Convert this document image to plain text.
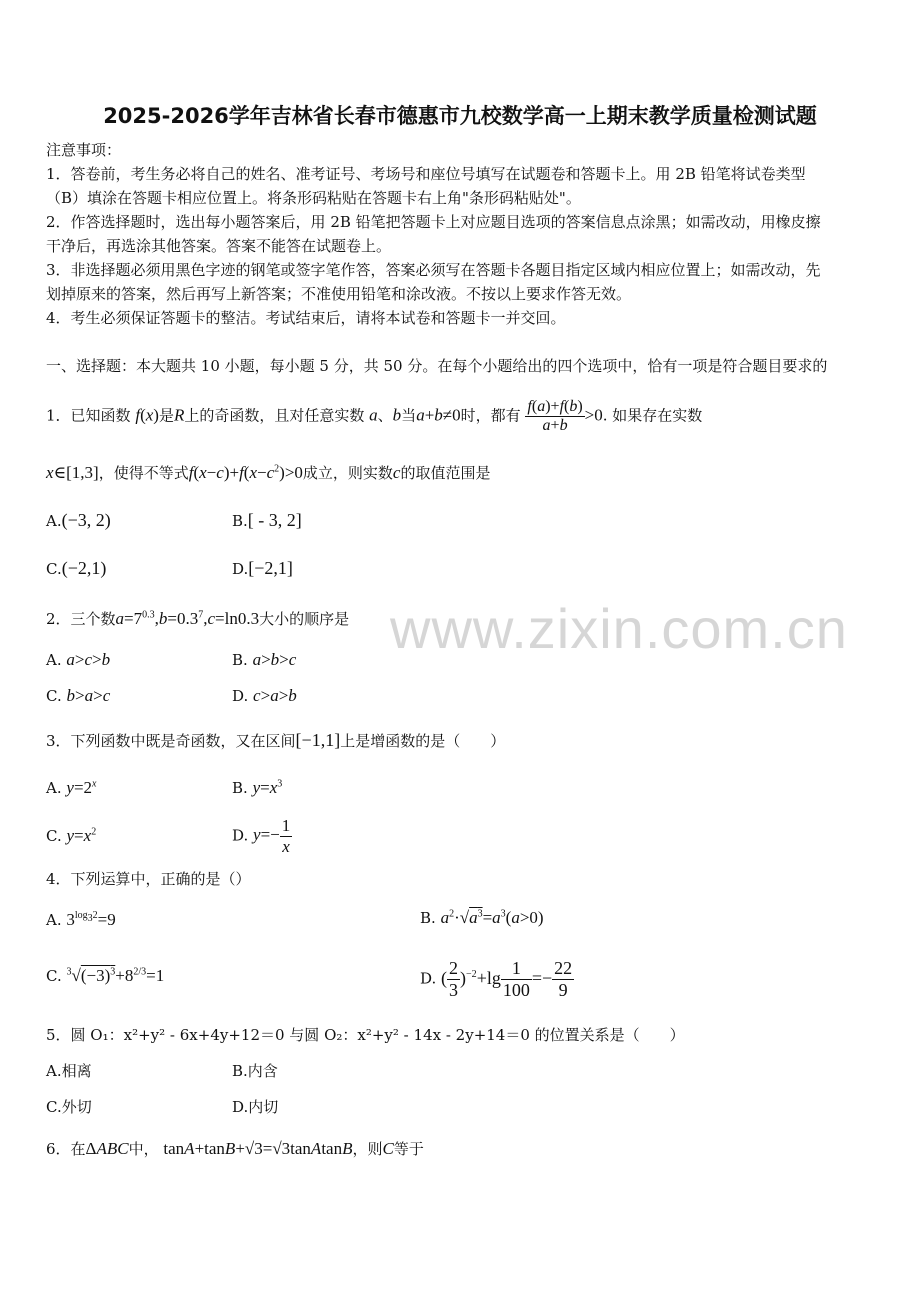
2025-2026学年吉林省长春市德惠市九校数学高一上期末教学质量检测试题
注意事项：
1．答卷前，考生务必将自己的姓名、准考证号、考场号和座位号填写在试题卷和答题卡上。用 2B 铅笔将试卷类型
（B）填涂在答题卡相应位置上。将条形码粘贴在答题卡右上角"条形码粘贴处"。
2．作答选择题时，选出每小题答案后，用 2B 铅笔把答题卡上对应题目选项的答案信息点涂黑；如需改动，用橡皮擦
干净后，再选涂其他答案。答案不能答在试题卷上。
3．非选择题必须用黑色字迹的钢笔或签字笔作答，答案必须写在答题卡各题目指定区域内相应位置上；如需改动，先
划掉原来的答案，然后再写上新答案；不准使用铅笔和涂改液。不按以上要求作答无效。
4．考生必须保证答题卡的整洁。考试结束后，请将本试卷和答题卡一并交回。
一、选择题：本大题共 10 小题，每小题 5 分，共 50 分。在每个小题给出的四个选项中，恰有一项是符合题目要求的
www.zixin.com.cn
1．已知函数 f(x)是R上的奇函数，且对任意实数 a、b当a+b≠0时，都有 $\frac{f(a)+f(b)}{a+b} >0$. 如果存在实数
x∈[1,3]，使得不等式$f(x-c)+f(x-c^2)>0$成立，则实数c的取值范围是
A.(−3, 2)	B.[ - 3, 2]
C.(−2,1)	D.[−2,1]
2．三个数$a=7^{0.3},b=0.3^7,c=\ln 0.3$大小的顺序是
A. a>c>b	B. a>b>c
C. b>a>c	D. c>a>b
3．下列函数中既是奇函数，又在区间[−1,1]上是增函数的是（　　）
A. $y=2^x$	B. $y=x^3$
C. $y=x^2$	D. $y=- \frac{1}{x}$
4．下列运算中，正确的是（）
A. $3^{log_32}=9$	B. $a^2\cdot√a^3=a^3(a>0)$
C. $^3√(-3)^3+8^{2/3}=1$	D. ( $\frac{2}{3} )^{-2}+\lg \frac{1}{100} =- \frac{22}{9}$
5．圆 O₁：x²+y² - 6x+4y+12＝0 与圆 O₂：x²+y² - 14x - 2y+14＝0 的位置关系是（　　）
A.相离	B.内含
C.外切	D.内切
6．在ΔABC中， tanA+tanB+√3=√3tanAtanB，则C等于
